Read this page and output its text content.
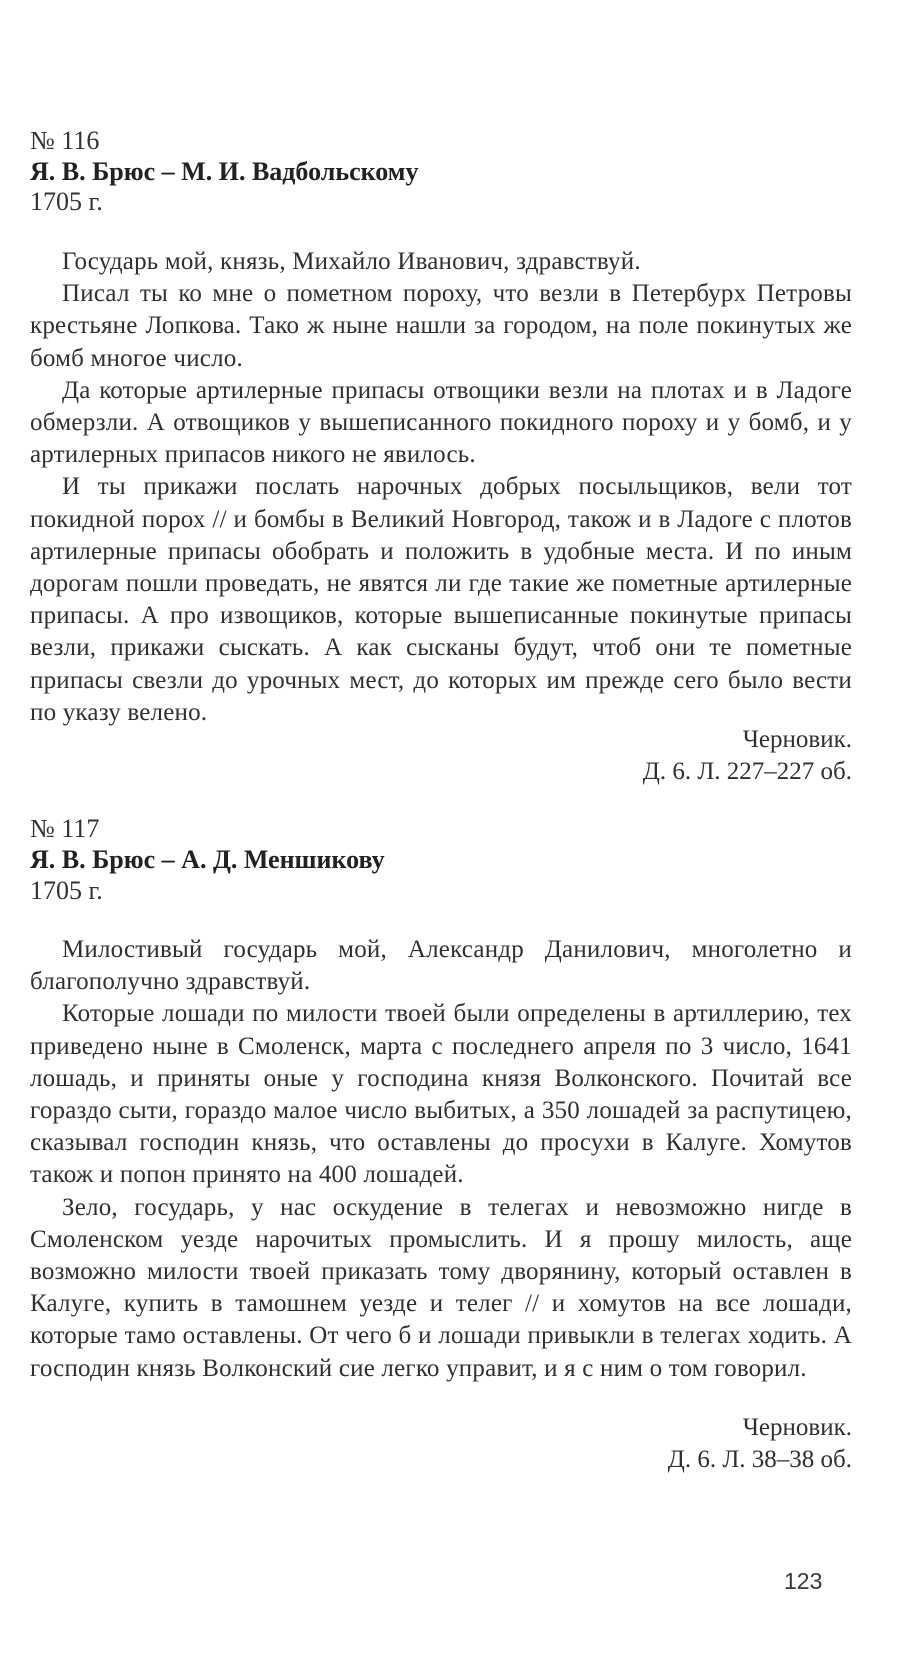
№ 116
Я. В. Брюс – М. И. Вадбольскому
1705 г.

Государь мой, князь, Михайло Иванович, здравствуй.

Писал ты ко мне о пометном пороху, что везли в Петербурх Петровы крестьяне Лопкова. Тако ж ныне нашли за городом, на поле покинутых же бомб многое число.

Да которые артилерные припасы отвощики везли на плотах и в Ладоге обмерзли. А отвощиков у вышеписанного покидного пороху и у бомб, и у артилерных припасов никого не явилось.

И ты прикажи послать нарочных добрых посыльщиков, вели тот покидной порох // и бомбы в Великий Новгород, також и в Ладоге с плотов артилерные припасы обобрать и положить в удобные места. И по иным дорогам пошли проведать, не явятся ли где такие же пометные артилерные припасы. А про извощиков, которые вышеписанные покинутые припасы везли, прикажи сыскать. А как сысканы будут, чтоб они те пометные припасы свезли до урочных мест, до которых им прежде сего было вести по указу велено.

Черновик.
Д. 6. Л. 227–227 об.
№ 117
Я. В. Брюс – А. Д. Меншикову
1705 г.

Милостивый государь мой, Александр Данилович, многолетно и благополучно здравствуй.

Которые лошади по милости твоей были определены в артиллерию, тех приведено ныне в Смоленск, марта с последнего апреля по 3 число, 1641 лошадь, и приняты оные у господина князя Волконского. Почитай все гораздо сыти, гораздо малое число выбитых, а 350 лошадей за распутицею, сказывал господин князь, что оставлены до просухи в Калуге. Хомутов також и попон принято на 400 лошадей.

Зело, государь, у нас оскудение в телегах и невозможно нигде в Смоленском уезде нарочитых промыслить. И я прошу милость, аще возможно милости твоей приказать тому дворянину, который оставлен в Калуге, купить в тамошнем уезде и телег // и хомутов на все лошади, которые тамо оставлены. От чего б и лошади привыкли в телегах ходить. А господин князь Волконский сие легко управит, и я с ним о том говорил.

Черновик.
Д. 6. Л. 38–38 об.
123
